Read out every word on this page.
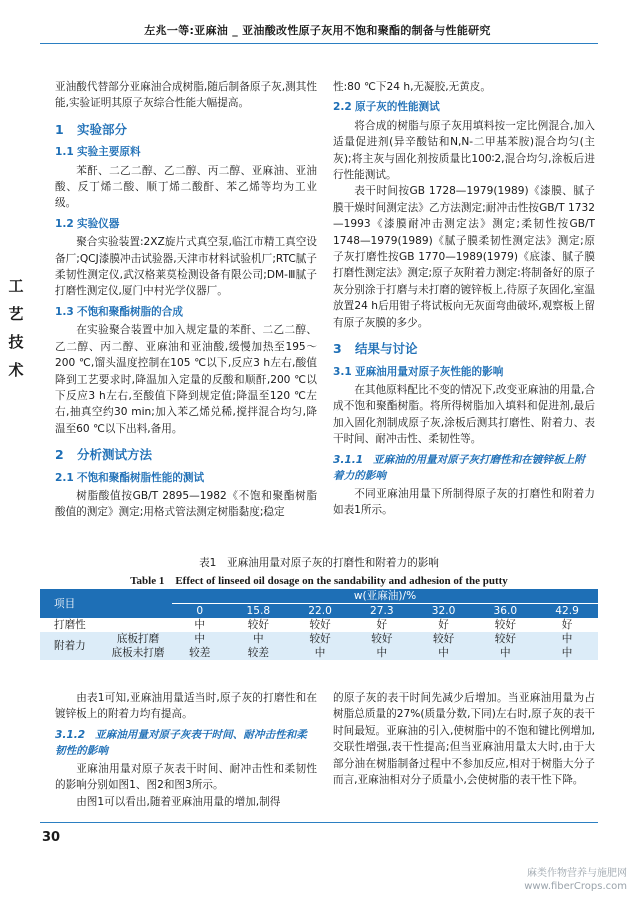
左兆一等:亚麻油 _ 亚油酸改性原子灰用不饱和聚酯的制备与性能研究
工
艺
技
术

亚油酸代替部分亚麻油合成树脂,随后制备原子灰,测其性能,实验证明其原子灰综合性能大幅提高。

1 实验部分
1.1 实验主要原料

苯酐、二乙二醇、乙二醇、丙二醇、亚麻油、亚油酸、反丁烯二酸、顺丁烯二酸酐、苯乙烯等均为工业级。

1.2 实验仪器

聚合实验装置:2XZ旋片式真空泵,临江市精工真空设备厂;QCJ漆膜冲击试验器,天津市材料试验机厂;RTC腻子柔韧性测定仪,武汉格莱莫检测设备有限公司;DM-Ⅲ腻子打磨性测定仪,厦门中村光学仪器厂。

1.3 不饱和聚酯树脂的合成

在实验聚合装置中加入规定量的苯酐、二乙二醇、乙二醇、丙二醇、亚麻油和亚油酸,缓慢加热至195～200 ℃,馏头温度控制在105 ℃以下,反应3 h左右,酸值降到工艺要求时,降温加入定量的反酸和顺酐,200 ℃以下反应3 h左右,至酸值下降到规定值;降温至120 ℃左右,抽真空约30 min;加入苯乙烯兑稀,搅拌混合均匀,降温至60 ℃以下出料,备用。

2 分析测试方法
2.1 不饱和聚酯树脂性能的测试

树脂酸值按GB/T 2895—1982《不饱和聚酯树脂酸值的测定》测定;用格式管法测定树脂黏度;稳定

性:80 ℃下24 h,无凝胶,无黄皮。

2.2 原子灰的性能测试

将合成的树脂与原子灰用填料按一定比例混合,加入适量促进剂(异辛酸钴和N,N-二甲基苯胺)混合均匀(主灰);将主灰与固化剂按质量比100∶2,混合均匀,涂板后进行性能测试。

表干时间按GB 1728—1979(1989)《漆膜、腻子膜干燥时间测定法》乙方法测定;耐冲击性按GB/T 1732—1993《漆膜耐冲击测定法》测定;柔韧性按GB/T 1748—1979(1989)《腻子膜柔韧性测定法》测定;原子灰打磨性按GB 1770—1989(1979)《底漆、腻子膜打磨性测定法》测定;原子灰附着力测定:将制备好的原子灰分别涂于打磨与未打磨的镀锌板上,待原子灰固化,室温放置24 h后用钳子将试板向无灰面弯曲破坏,观察板上留有原子灰膜的多少。

3 结果与讨论
3.1 亚麻油用量对原子灰性能的影响

在其他原料配比不变的情况下,改变亚麻油的用量,合成不饱和聚酯树脂。将所得树脂加入填料和促进剂,最后加入固化剂制成原子灰,涂板后测其打磨性、附着力、表干时间、耐冲击性、柔韧性等。

3.1.1 亚麻油的用量对原子灰打磨性和在镀锌板上附着力的影响

不同亚麻油用量下所制得原子灰的打磨性和附着力如表1所示。

表1　亚麻油用量对原子灰的打磨性和附着力的影响
Table 1　Effect of linseed oil dosage on the sandability and adhesion of the putty
项目		w(亚麻油)/%						
		0	15.8	22.0	27.3	32.0	36.0	42.9
打磨性		中	较好	较好	好	好	较好	好
附着力	底板打磨	中	中	较好	较好	较好	较好	中
	底板未打磨	较差	较差	中	中	中	中	中

由表1可知,亚麻油用量适当时,原子灰的打磨性和在镀锌板上的附着力均有提高。

3.1.2 亚麻油用量对原子灰表干时间、耐冲击性和柔韧性的影响

亚麻油用量对原子灰表干时间、耐冲击性和柔韧性的影响分别如图1、图2和图3所示。

由图1可以看出,随着亚麻油用量的增加,制得

的原子灰的表干时间先减少后增加。当亚麻油用量为占树脂总质量的27%(质量分数,下同)左右时,原子灰的表干时间最短。亚麻油的引入,使树脂中的不饱和键比例增加,交联性增强,表干性提高;但当亚麻油用量太大时,由于大部分油在树脂制备过程中不参加反应,相对于树脂大分子而言,亚麻油相对分子质量小,会使树脂的表干性下降。

30
麻类作物营养与施肥网
www.fiberCrops.com
